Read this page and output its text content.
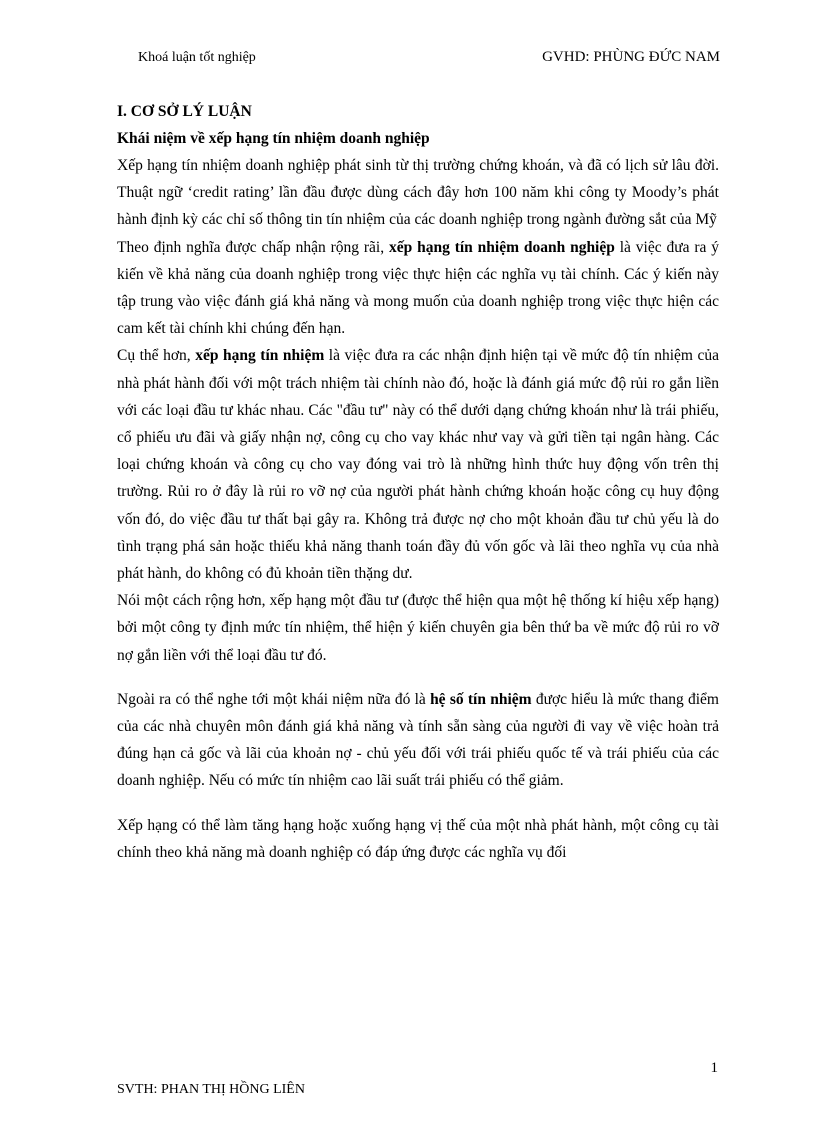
Khoá luận tốt nghiệp	GVHD: PHÙNG ĐỨC NAM
I. CƠ SỞ LÝ LUẬN
Khái niệm về xếp hạng tín nhiệm doanh nghiệp

Xếp hạng tín nhiệm doanh nghiệp phát sinh từ thị trường chứng khoán, và đã có lịch sử lâu đời. Thuật ngữ ‘credit rating’ lần đầu được dùng cách đây hơn 100 năm khi công ty Moody’s phát hành định kỳ các chỉ số thông tin tín nhiệm của các doanh nghiệp trong ngành đường sắt của Mỹ

Theo định nghĩa được chấp nhận rộng rãi, xếp hạng tín nhiệm doanh nghiệp là việc đưa ra ý kiến về khả năng của doanh nghiệp trong việc thực hiện các nghĩa vụ tài chính. Các ý kiến này tập trung vào việc đánh giá khả năng và mong muốn của doanh nghiệp trong việc thực hiện các cam kết tài chính khi chúng đến hạn.

Cụ thể hơn, xếp hạng tín nhiệm là việc đưa ra các nhận định hiện tại về mức độ tín nhiệm của nhà phát hành đối với một trách nhiệm tài chính nào đó, hoặc là đánh giá mức độ rủi ro gắn liền với các loại đầu tư khác nhau. Các "đầu tư" này có thể dưới dạng chứng khoán như là trái phiếu, cổ phiếu ưu đãi và giấy nhận nợ, công cụ cho vay khác như vay và gửi tiền tại ngân hàng. Các loại chứng khoán và công cụ cho vay đóng vai trò là những hình thức huy động vốn trên thị trường. Rủi ro ở đây là rủi ro vỡ nợ của người phát hành chứng khoán hoặc công cụ huy động vốn đó, do việc đầu tư thất bại gây ra. Không trả được nợ cho một khoản đầu tư chủ yếu là do tình trạng phá sản hoặc thiếu khả năng thanh toán đầy đủ vốn gốc và lãi theo nghĩa vụ của nhà phát hành, do không có đủ khoản tiền thặng dư.

Nói một cách rộng hơn, xếp hạng một đầu tư (được thể hiện qua một hệ thống kí hiệu xếp hạng) bởi một công ty định mức tín nhiệm, thể hiện ý kiến chuyên gia bên thứ ba về mức độ rủi ro vỡ nợ gắn liền với thể loại đầu tư đó.

Ngoài ra có thể nghe tới một khái niệm nữa đó là hệ số tín nhiệm được hiểu là mức thang điểm của các nhà chuyên môn đánh giá khả năng và tính sẵn sàng của người đi vay về việc hoàn trả đúng hạn cả gốc và lãi của khoản nợ - chủ yếu đối với trái phiếu quốc tế và trái phiếu của các doanh nghiệp. Nếu có mức tín nhiệm cao lãi suất trái phiếu có thể giảm.

Xếp hạng có thể làm tăng hạng hoặc xuống hạng vị thế của một nhà phát hành, một công cụ tài chính theo khả năng mà doanh nghiệp có đáp ứng được các nghĩa vụ đối

1
SVTH: PHAN THỊ HỒNG LIÊN
